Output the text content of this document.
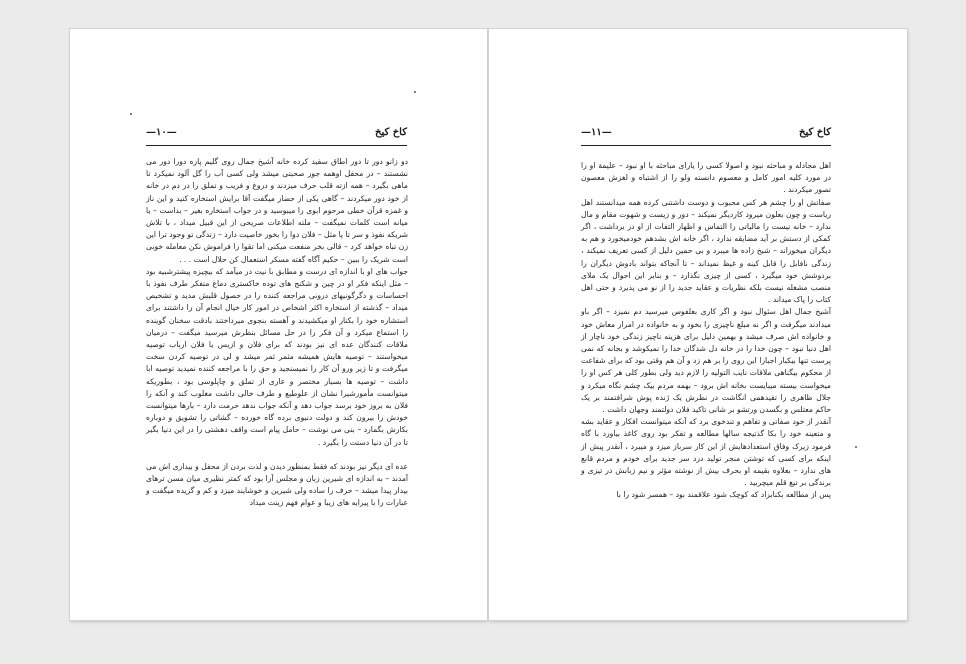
کاخ کیخ
—۱۰—

دو زانو دور تا دور اطاق سفید کرده خانه آشیخ جمال روی گلیم پاره دورا دور می نشستند – در محفل اوهمه جور صحبتی میشد ولی کسی آب را گل آلود نمیکرد تا ماهی بگیرد – همه ازته قلب حرف میزدند و دروغ و فریب و تملق را در دم در خانه از خود دور میکردند – گاهی یکی از حضار میگفت آقا برایش استخاره کنید و این ناز و غمزه قرآن خطی مرحوم ابوی را میبوسید و در جواب استخاره بغیر – بداست – یا میانه است کلمات نمیگفت – ملته اطلاعات صریحی از این قبیل میداد ، با تلاش شریکه نفوذ و سر تا پا مثل – فلان دوا را بخور خاصیت دارد – زندگی تو وجود ترا این زن تباه خواهد کرد – قالی بخر منفعت میکنی اما تقوا را فراموش نکن معامله خوبی است شریک را ببین – حکیم آگاه گفته مسکر استعمال کن حلال است . . .

جواب های او با اندازه ای درست و مطابق با نیت در میآمد که بیچیزه پیشترشبیه بود – مثل اینکه فکر او در چین و شکنج های توده خاکستری دماغ متفکر طرف نفوذ با احساسات و دگرگونیهای درونی مراجعه کننده را در حصول قلبش مدید و تشخیص میداد – گذشته از استخاره اکثر اشخاص در امور کار خیال انجام آن را داشتند برای استشاره خود را بکنار او میکشیدند و آهسته بنجوی میرداختند بادقت سخنان گوینده را استماع میکرد و آن فکر را در حل مسائل بنظرش میرسید میگفت – درمیان ملاقات کنندگان عده ای نیز بودند که برای فلان و ازیس یا فلان ارباب توصیه میخواستند – توصیه هایش همیشه مثمر ثمر میشد و لی در توصیه کردن سخت میگرفت و تا زیر ورو آن کار را نمیسنجید و حق را با مراجعه کننده نمیدید توصیه ابا داشت – توصیه ها بسیار مختصر و عاری از تملق و چاپلوسی بود ، بطوریکه میتوانست مأمورشیرا نشان از علوطبع و طرف خالی داشت مغلوب کند و آنکه را فلان به بروز خود برسد جواب دهد و آنکه جواب ندهد حرمت دارد – بارها میتوانست خودش را بیرون کند و دولت دنیوی برده گاه خورده – گشاتی را تشویق و دوباره بکارش بگمارد – بنی می نوشت – حامل پیام است واقف دهشتی را در این دنیا بگیر تا در آن دنیا دستت را بگیرد .

عده ای دیگر نیز بودند که فقط بمنظور دیدن و لذت بردن از محفل و بیداری اش می آمدند – به اندازه ای شیرین زبان و مجلس آرا بود که کمتر نظیری میان مسن ترهای بیدار پیدا میشد – حرف را ساده ولی شیرین و خوشایند میزد و کم و گزیده میگفت و عبارات را با پیرایه های زیبا و عوام فهم زینت میداد

کاخ کیخ
—۱۱—

اهل مجادله و مباحثه نبود و اصولا کسی را یارای مباحثه با او نبود – علیمة او را در مورد کلیه امور کامل و معصوم دانسته ولو را از اشتباه و لغزش معصون تصور میکردند .

صفاتش او را چشم هر کس محبوب و دوست داشتنی کرده همه میدانستند اهل ریاست و چون بعلون میرود کاردیگر نمیکند – دور و زیست و شهوت مقام و مال ندارد – خانه نیست را مالیاتی را التماس و اظهار التفات از او در برداشت ، اگر کمکی از دستش بر آید مضایقه ندارد ، اگر خانه اش بشدهم خودمیخورد و هم به دیگران میخوراند – شیخ زاده ها میبرد و بی حمین دلیل از کسی تعریف نمیکند ، زندگی نافابل را قابل کینه و غیظ نمیداند – تا آنجاکه بتواند بادوش دیگران را بردوشش خود میگیرد ، کسی از چیزی نگذارد – و بنابر این احوال یک ملای منصب مشغله نیست بلکه نظریات و عقاید جدید را از نو می پذیرد و حتی اهل کتاب را پاک میداند .

آشیخ جمال اهل سئوال نبود و اگر کاری بعلفوس میرسید دم نمیزد – اگر باو میدادند میگرفت و اگر نه مبلغ ناچیزی را بخود و به خانواده در امرار معاش خود و خانواده اش صرف میشد و بهمین دلیل برای هزینه ناچیز زندگی خود ناچار از اهل دنیا نبود – چون خدا را در خانه دل شدگان خدا را نمیکوشد و بجانه که نمی پرست تنها بیکبار اجبارا این روی را بر هم زد و آن هم وقتی بود که برای شفاعت از محکوم بیگناهی ملاقات نایب التولیه را لازم دید ولی بطور کلی هر کس او را میخواست بیسته میبایست بخانه اش برود – بهمه مردم بیک چشم نگاه میکرد و جلال ظاهری را تفیدهمی انگاشت در نظرش یک ژنده پوش شرافتمند بر یک حاکم معتلس و بگسدن ورتشو بر شانی تاکید فلان دولتمند وجهان داشت .

آنقدر از خود صفاتی و تفاهم و تندخوی برد که آنکه میتوانست افکار و عقاید بشه و متعینه خود را بکا گذتیجه سالها مطالعه و تفکر بود روی کاغذ بیاورد با گاه فرمود زیرک وفاق استعدادهایش از این کار سرباز میزد و میبرد ، آنقدر پیش از اینکه برای کسی که توشتن منجر تولید درد سر جدید برای خودم و مردم قانع های ندارد – بعلاوه بقیمه او بحرف بیش از نوشته مؤثر و نیم زبانش در تیزی و برندگی بر تیغ قلم میچربید .

پس از مطالعه بکنابزاد که کوچک شود علاقمند بود – همسر شود را با
